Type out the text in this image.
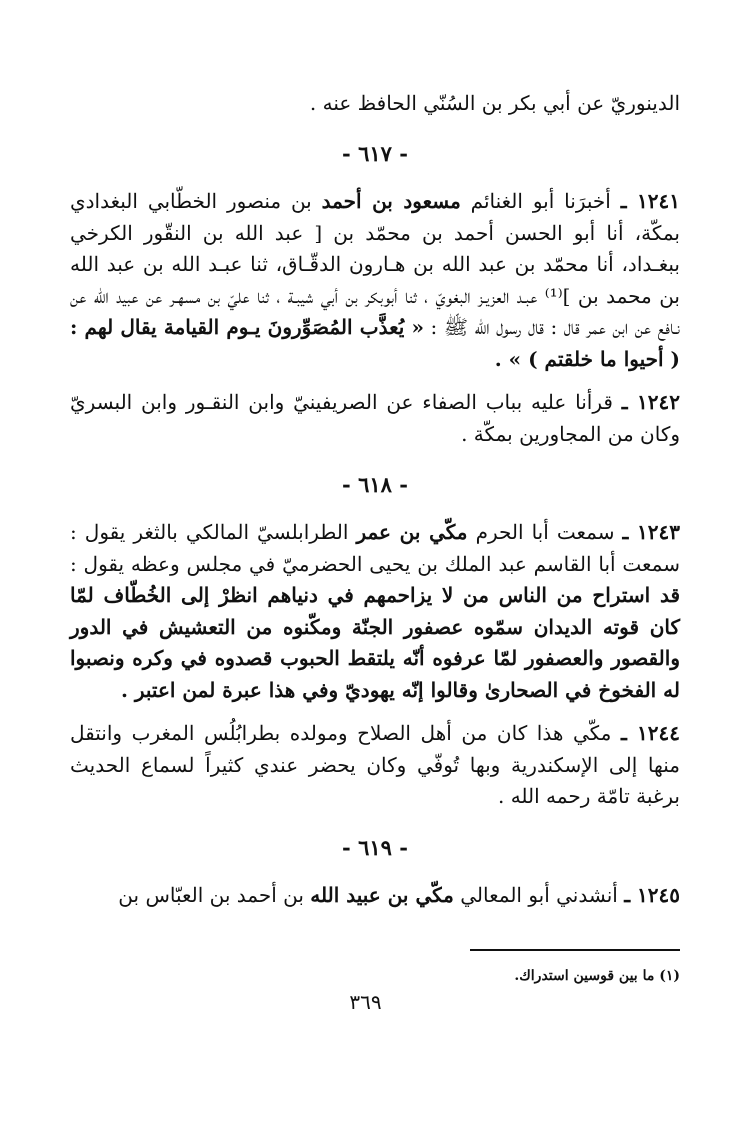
الدينوريّ عن أبي بكر بن السُنّي الحافظ عنه .
- ٦١٧ -

١٢٤١ ـ أخبرَنا أبو الغنائم مسعود بن أحمد بن منصور الخطّابي البغدادي بمكّة، أنا أبو الحسن أحمد بن محمّد بن [ عبد الله بن النقّور الكرخي ببغـداد، أنا محمّد بن عبد الله بن هـارون الدقّـاق، ثنا عبـد الله بن عبد الله بن محمد بن ]⁽¹⁾ عبـد العزيـز البغويّ ، ثنا أبوبكر بن أبي شيبـة ، ثنا عليّ بن مسهـر عن عبيد الله عن نـافع عن ابن عمر قال : قال رسول الله ﷺ : « يُعذَّب المُصَوِّرونَ يـوم القيامة يقال لهم : ( أحيوا ما خلقتم ) » .

١٢٤٢ ـ قرأنا عليه بباب الصفاء عن الصريفينيّ وابن النقـور وابن البسريّ وكان من المجاورين بمكّة .

- ٦١٨ -

١٢٤٣ ـ سمعت أبا الحرم مكّي بن عمر الطرابلسيّ المالكي بالثغر يقول : سمعت أبا القاسم عبد الملك بن يحيى الحضرميّ في مجلس وعظه يقول : قد استراح من الناس من لا يزاحمهم في دنياهم انظرْ إلى الخُطّاف لمّا كان قوته الديدان سمّوه عصفور الجنّة ومكّنوه من التعشيش في الدور والقصور والعصفور لمّا عرفوه أنّه يلتقط الحبوب قصدوه في وكره ونصبوا له الفخوخ في الصحارىٰ وقالوا إنّه يهوديّ وفي هذا عبرة لمن اعتبر .

١٢٤٤ ـ مكّي هذا كان من أهل الصلاح ومولده بطرابُلُس المغرب وانتقل منها إلى الإسكندرية وبها تُوفّي وكان يحضر عندي كثيراً لسماع الحديث برغبة تامّة رحمه الله .

- ٦١٩ -

١٢٤٥ ـ أنشدني أبو المعالي مكّي بن عبيد الله بن أحمد بن العبّاس بن

(١) ما بين قوسين استدراك.
٣٦٩
